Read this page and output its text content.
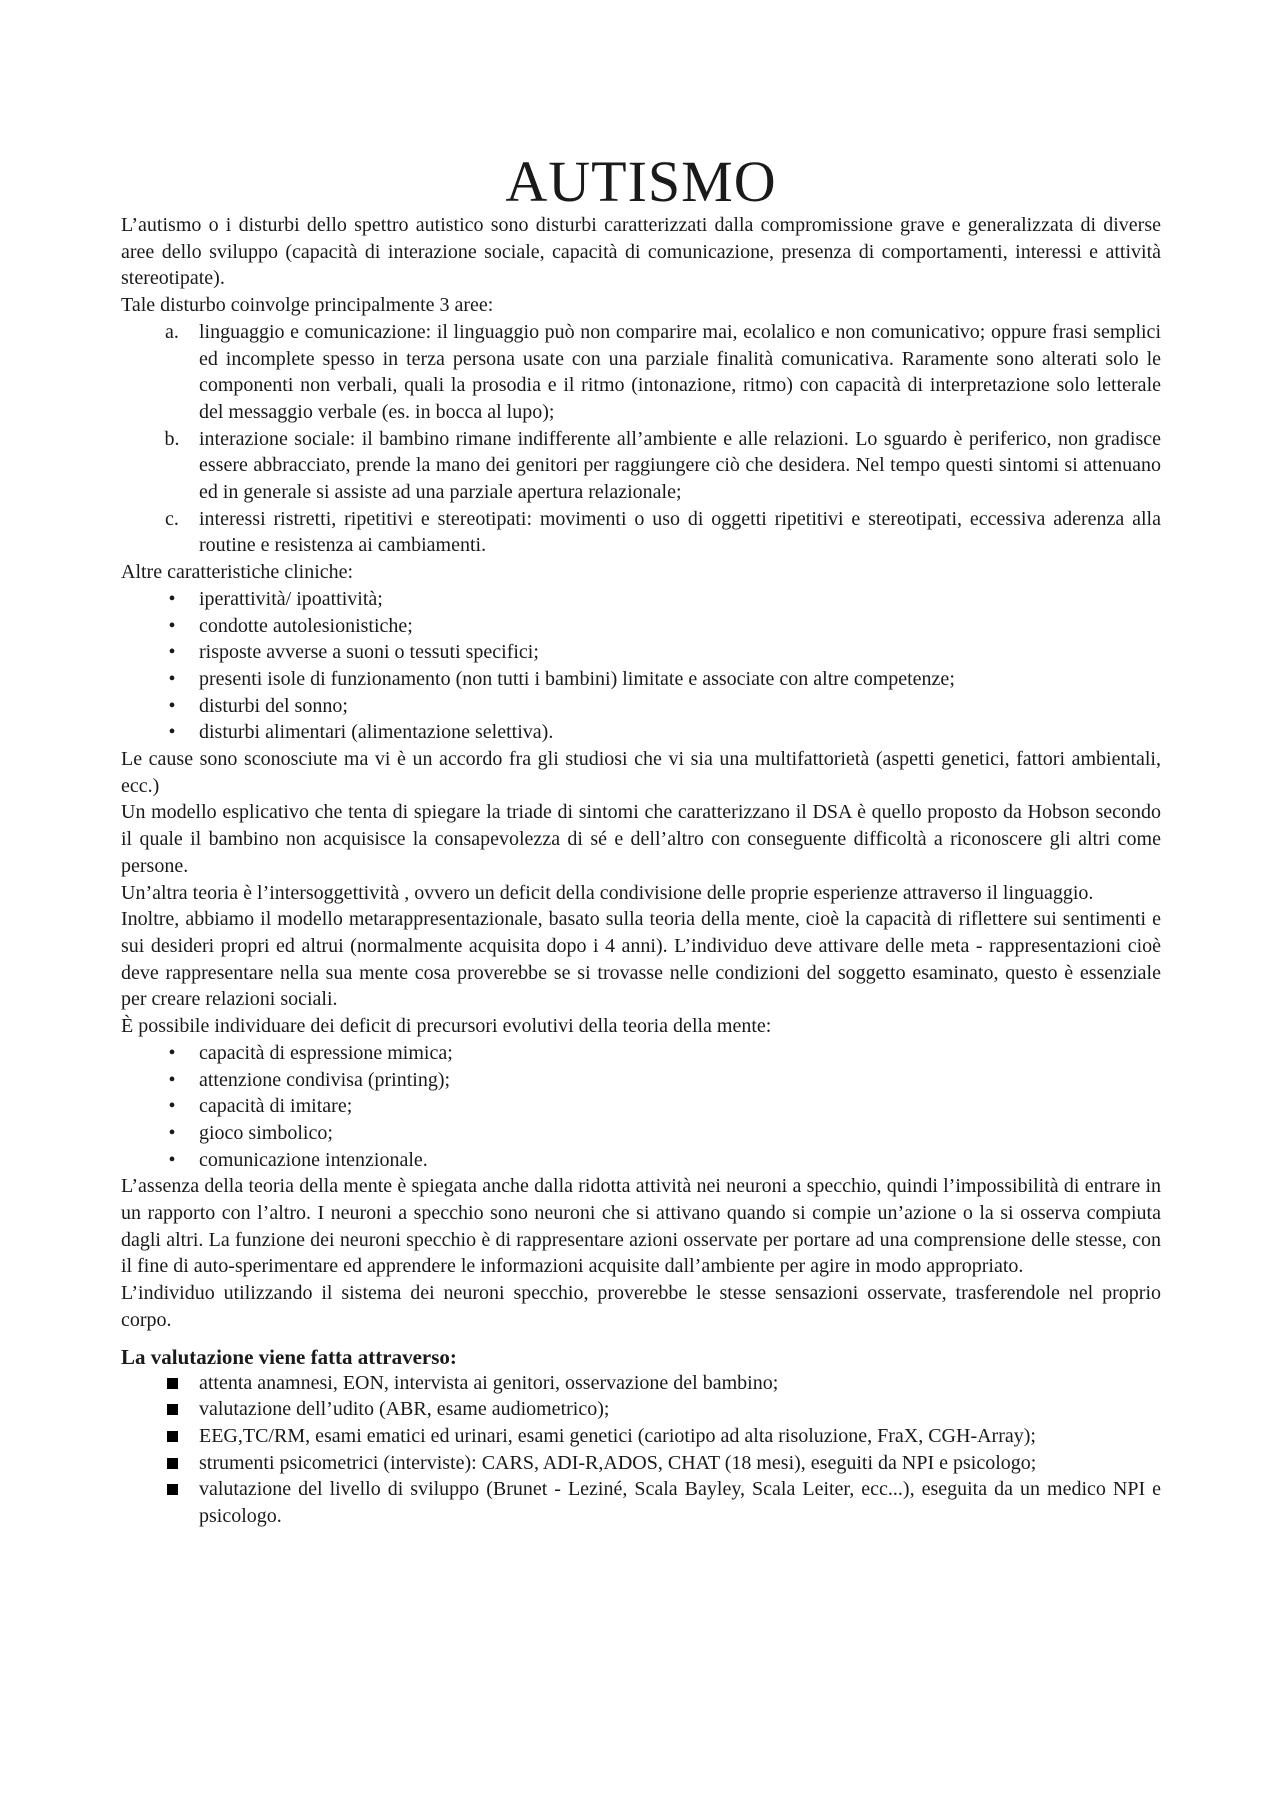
AUTISMO

L’autismo o i disturbi dello spettro autistico sono disturbi caratterizzati dalla compromissione grave e generalizzata di diverse aree dello sviluppo (capacità di interazione sociale, capacità di comunicazione, presenza di comportamenti, interessi e attività stereotipate).

Tale disturbo coinvolge principalmente 3 aree:

a.	linguaggio e comunicazione: il linguaggio può non comparire mai, ecolalico e non comunicativo; oppure frasi semplici ed incomplete spesso in terza persona usate con una parziale finalità comunicativa. Raramente sono alterati solo le componenti non verbali, quali la prosodia e il ritmo (intonazione, ritmo) con capacità di interpretazione solo letterale del messaggio verbale (es. in bocca al lupo);
b. interazione sociale: il bambino rimane indifferente all’ambiente e alle relazioni. Lo sguardo è periferico, non gradisce essere abbracciato, prende la mano dei genitori per raggiungere ciò che desidera. Nel tempo questi sintomi si attenuano ed in generale si assiste ad una parziale apertura relazionale;
c.	interessi ristretti, ripetitivi e stereotipati: movimenti o uso di oggetti ripetitivi e stereotipati, eccessiva aderenza alla routine e resistenza ai cambiamenti.

Altre caratteristiche cliniche:

•	iperattività/ ipoattività;
•	condotte autolesionistiche;
•	risposte avverse a suoni o tessuti specifici;
•	presenti isole di funzionamento (non tutti i bambini) limitate e associate con altre competenze;
•	disturbi del sonno;
•	disturbi alimentari (alimentazione selettiva).

Le cause sono sconosciute ma vi è un accordo fra gli studiosi che vi sia una multifattorietà (aspetti genetici, fattori ambientali, ecc.)

Un modello esplicativo che tenta di spiegare la triade di sintomi che caratterizzano il DSA è quello proposto da Hobson secondo il quale il bambino non acquisisce la consapevolezza di sé e dell’altro con conseguente difficoltà a riconoscere gli altri come persone.

Un’altra teoria è l’intersoggettività , ovvero un deficit della condivisione delle proprie esperienze attraverso il linguaggio.

Inoltre, abbiamo il modello metarappresentazionale, basato sulla teoria della mente, cioè la capacità di riflettere sui sentimenti e sui desideri propri ed altrui (normalmente acquisita dopo i 4 anni). L’individuo deve attivare delle meta - rappresentazioni cioè deve rappresentare nella sua mente cosa proverebbe se si trovasse nelle condizioni del soggetto esaminato, questo è essenziale per creare relazioni sociali.

È possibile individuare dei deficit di precursori evolutivi della teoria della mente:

•	capacità di espressione mimica;
•	attenzione condivisa (printing);
•	capacità di imitare;
•	gioco simbolico;
•	comunicazione intenzionale.

L’assenza della teoria della mente è spiegata anche dalla ridotta attività nei neuroni a specchio, quindi l’impossibilità di entrare in un rapporto con l’altro. I neuroni a specchio sono neuroni che si attivano quando si compie un’azione o la si osserva compiuta dagli altri. La funzione dei neuroni specchio è di rappresentare azioni osservate per portare ad una comprensione delle stesse, con il fine di auto-sperimentare ed apprendere le informazioni acquisite dall’ambiente per agire in modo appropriato.

L’individuo utilizzando il sistema dei neuroni specchio, proverebbe le stesse sensazioni osservate, trasferendole nel proprio corpo.

La valutazione viene fatta attraverso:
attenta anamnesi, EON, intervista ai genitori, osservazione del bambino;
valutazione dell’udito (ABR, esame audiometrico);
EEG,TC/RM, esami ematici ed urinari, esami genetici (cariotipo ad alta risoluzione, FraX, CGH-Array);
strumenti psicometrici (interviste): CARS, ADI-R,ADOS, CHAT (18 mesi), eseguiti da NPI e psicologo;
valutazione del livello di sviluppo (Brunet - Leziné, Scala Bayley, Scala Leiter, ecc...), eseguita da un medico NPI e psicologo.
